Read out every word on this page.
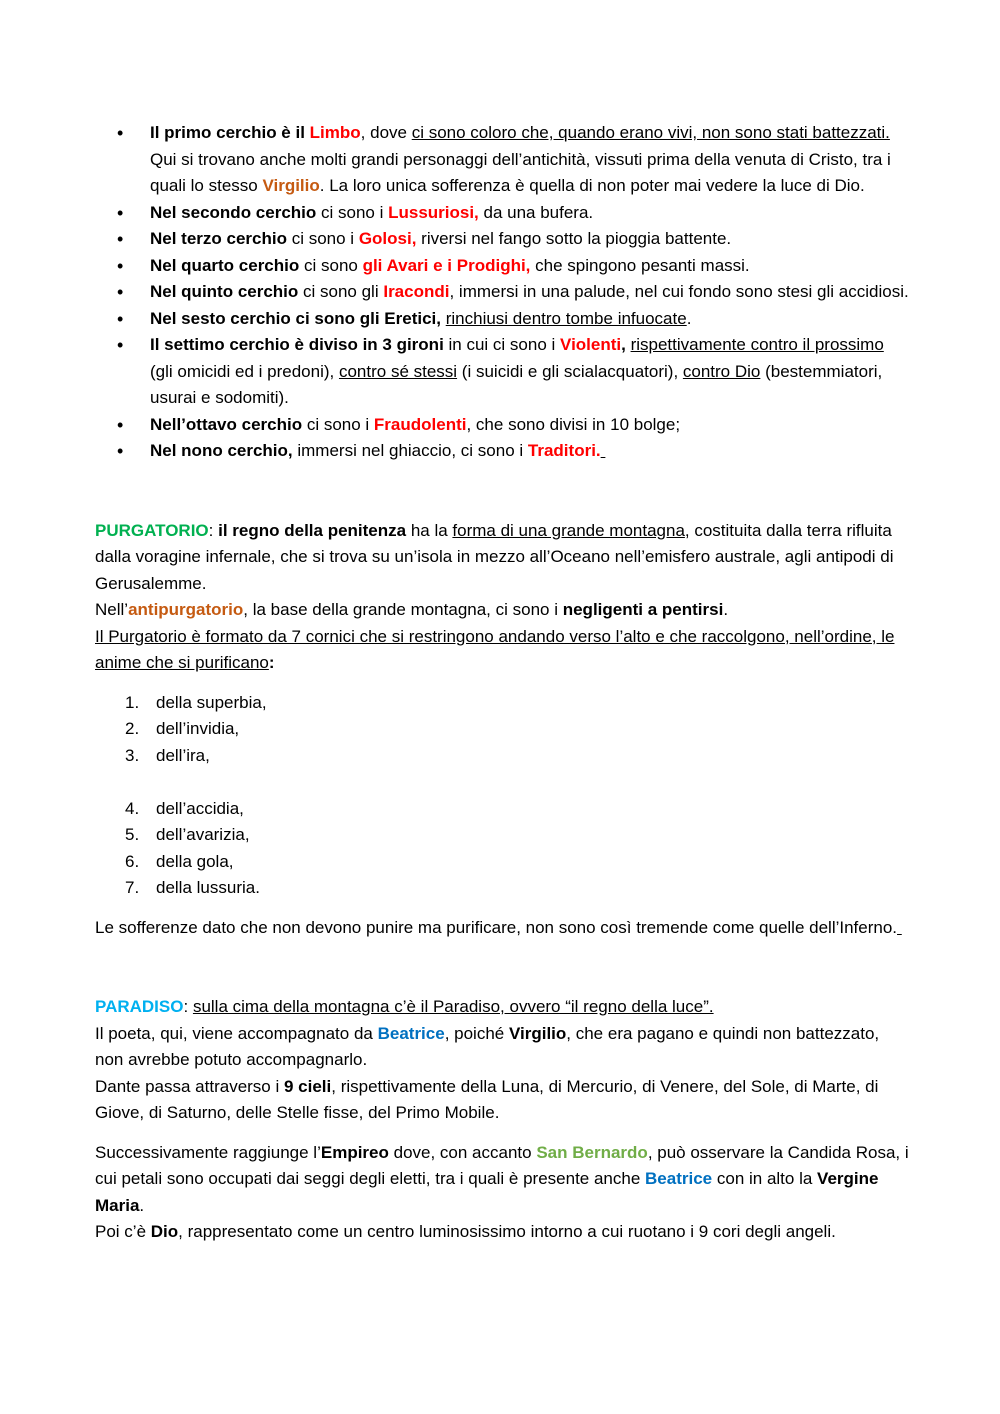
• Il primo cerchio è il Limbo, dove ci sono coloro che, quando erano vivi, non sono stati battezzati. Qui si trovano anche molti grandi personaggi dell’antichità, vissuti prima della venuta di Cristo, tra i quali lo stesso Virgilio. La loro unica sofferenza è quella di non poter mai vedere la luce di Dio.
• Nel secondo cerchio ci sono i Lussuriosi, da una bufera.
• Nel terzo cerchio ci sono i Golosi, riversi nel fango sotto la pioggia battente.
• Nel quarto cerchio ci sono gli Avari e i Prodighi, che spingono pesanti massi.
• Nel quinto cerchio ci sono gli Iracondi, immersi in una palude, nel cui fondo sono stesi gli accidiosi.
• Nel sesto cerchio ci sono gli Eretici, rinchiusi dentro tombe infuocate.
• Il settimo cerchio è diviso in 3 gironi in cui ci sono i Violenti, rispettivamente contro il prossimo (gli omicidi ed i predoni), contro sé stessi (i suicidi e gli scialacquatori), contro Dio (bestemmiatori, usurai e sodomiti).
• Nell’ottavo cerchio ci sono i Fraudolenti, che sono divisi in 10 bolge;
• Nel nono cerchio, immersi nel ghiaccio, ci sono i Traditori.

PURGATORIO: il regno della penitenza ha la forma di una grande montagna, costituita dalla terra rifluita dalla voragine infernale, che si trova su un’isola in mezzo all’Oceano nell’emisfero australe, agli antipodi di Gerusalemme.

Nell’antipurgatorio, la base della grande montagna, ci sono i negligenti a pentirsi.

Il Purgatorio è formato da 7 cornici che si restringono andando verso l’alto e che raccolgono, nell’ordine, le anime che si purificano:

1. della superbia,
2. dell’invidia,
3. dell’ira,
4. dell’accidia,
5. dell’avarizia,
6. della gola,
7. della lussuria.

Le sofferenze dato che non devono punire ma purificare, non sono così tremende come quelle dell’Inferno.

PARADISO: sulla cima della montagna c’è il Paradiso, ovvero “il regno della luce”.

Il poeta, qui, viene accompagnato da Beatrice, poiché Virgilio, che era pagano e quindi non battezzato, non avrebbe potuto accompagnarlo.

Dante passa attraverso i 9 cieli, rispettivamente della Luna, di Mercurio, di Venere, del Sole, di Marte, di Giove, di Saturno, delle Stelle fisse, del Primo Mobile.

Successivamente raggiunge l’Empireo dove, con accanto San Bernardo, può osservare la Candida Rosa, i cui petali sono occupati dai seggi degli eletti, tra i quali è presente anche Beatrice con in alto la Vergine Maria.

Poi c’è Dio, rappresentato come un centro luminosissimo intorno a cui ruotano i 9 cori degli angeli.
